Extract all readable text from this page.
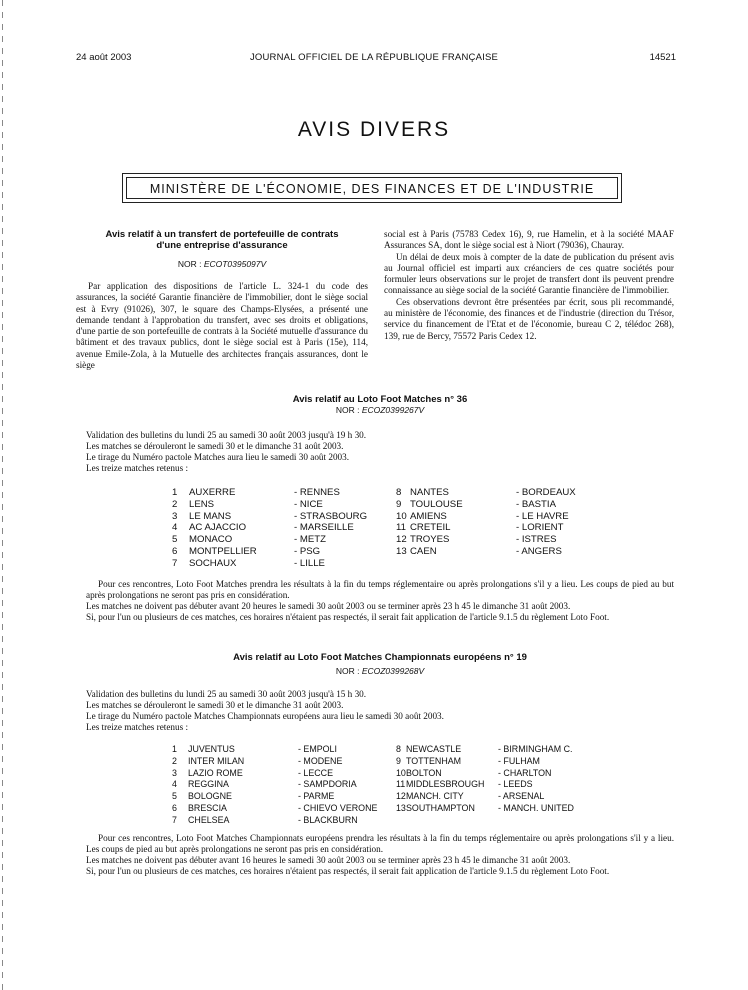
24 août 2003	JOURNAL OFFICIEL DE LA RÉPUBLIQUE FRANÇAISE	14521
AVIS DIVERS
MINISTÈRE DE L'ÉCONOMIE, DES FINANCES ET DE L'INDUSTRIE
Avis relatif à un transfert de portefeuille de contrats
d'une entreprise d'assurance
NOR : ECOT0395097V

Par application des dispositions de l'article L. 324-1 du code des assurances, la société Garantie financière de l'immobilier, dont le siège social est à Evry (91026), 307, le square des Champs-Elysées, a présenté une demande tendant à l'approbation du transfert, avec ses droits et obligations, d'une partie de son portefeuille de contrats à la Société mutuelle d'assurance du bâtiment et des travaux publics, dont le siège social est à Paris (15e), 114, avenue Emile-Zola, à la Mutuelle des architectes français assurances, dont le siège

social est à Paris (75783 Cedex 16), 9, rue Hamelin, et à la société MAAF Assurances SA, dont le siège social est à Niort (79036), Chauray.

Un délai de deux mois à compter de la date de publication du présent avis au Journal officiel est imparti aux créanciers de ces quatre sociétés pour formuler leurs observations sur le projet de transfert dont ils peuvent prendre connaissance au siège social de la société Garantie financière de l'immobilier.

Ces observations devront être présentées par écrit, sous pli recommandé, au ministère de l'économie, des finances et de l'industrie (direction du Trésor, service du financement de l'Etat et de l'économie, bureau C 2, télédoc 268), 139, rue de Bercy, 75572 Paris Cedex 12.

Avis relatif au Loto Foot Matches n° 36
NOR : ECOZ0399267V

Validation des bulletins du lundi 25 au samedi 30 août 2003 jusqu'à 19 h 30.

Les matches se dérouleront le samedi 30 et le dimanche 31 août 2003.

Le tirage du Numéro pactole Matches aura lieu le samedi 30 août 2003.

Les treize matches retenus :

1 AUXERRE	- RENNES
2 LENS	- NICE
3 LE MANS	- STRASBOURG
4 AC AJACCIO	- MARSEILLE
5 MONACO	- METZ
6 MONTPELLIER	- PSG
7 SOCHAUX	- LILLE
8 NANTES	- BORDEAUX
9 TOULOUSE	- BASTIA
10 AMIENS	- LE HAVRE
11 CRETEIL	- LORIENT
12 TROYES	- ISTRES
13 CAEN	- ANGERS

Pour ces rencontres, Loto Foot Matches prendra les résultats à la fin du temps réglementaire ou après prolongations s'il y a lieu. Les coups de pied au but après prolongations ne seront pas pris en considération.

Les matches ne doivent pas débuter avant 20 heures le samedi 30 août 2003 ou se terminer après 23 h 45 le dimanche 31 août 2003.

Si, pour l'un ou plusieurs de ces matches, ces horaires n'étaient pas respectés, il serait fait application de l'article 9.1.5 du règlement Loto Foot.

Avis relatif au Loto Foot Matches Championnats européens n° 19
NOR : ECOZ0399268V

Validation des bulletins du lundi 25 au samedi 30 août 2003 jusqu'à 15 h 30.

Les matches se dérouleront le samedi 30 et le dimanche 31 août 2003.

Le tirage du Numéro pactole Matches Championnats européens aura lieu le samedi 30 août 2003.

Les treize matches retenus :

1 JUVENTUS	- EMPOLI
2 INTER MILAN	- MODENE
3 LAZIO ROME	- LECCE
4 REGGINA	- SAMPDORIA
5 BOLOGNE	- PARME
6 BRESCIA	- CHIEVO VERONE
7 CHELSEA	- BLACKBURN
8 NEWCASTLE	- BIRMINGHAM C.
9 TOTTENHAM	- FULHAM
10 BOLTON	- CHARLTON
11 MIDDLESBROUGH - LEEDS
12 MANCH. CITY	- ARSENAL
13 SOUTHAMPTON	- MANCH. UNITED

Pour ces rencontres, Loto Foot Matches Championnats européens prendra les résultats à la fin du temps réglementaire ou après prolongations s'il y a lieu. Les coups de pied au but après prolongations ne seront pas pris en considération.

Les matches ne doivent pas débuter avant 16 heures le samedi 30 août 2003 ou se terminer après 23 h 45 le dimanche 31 août 2003.

Si, pour l'un ou plusieurs de ces matches, ces horaires n'étaient pas respectés, il serait fait application de l'article 9.1.5 du règlement Loto Foot.
